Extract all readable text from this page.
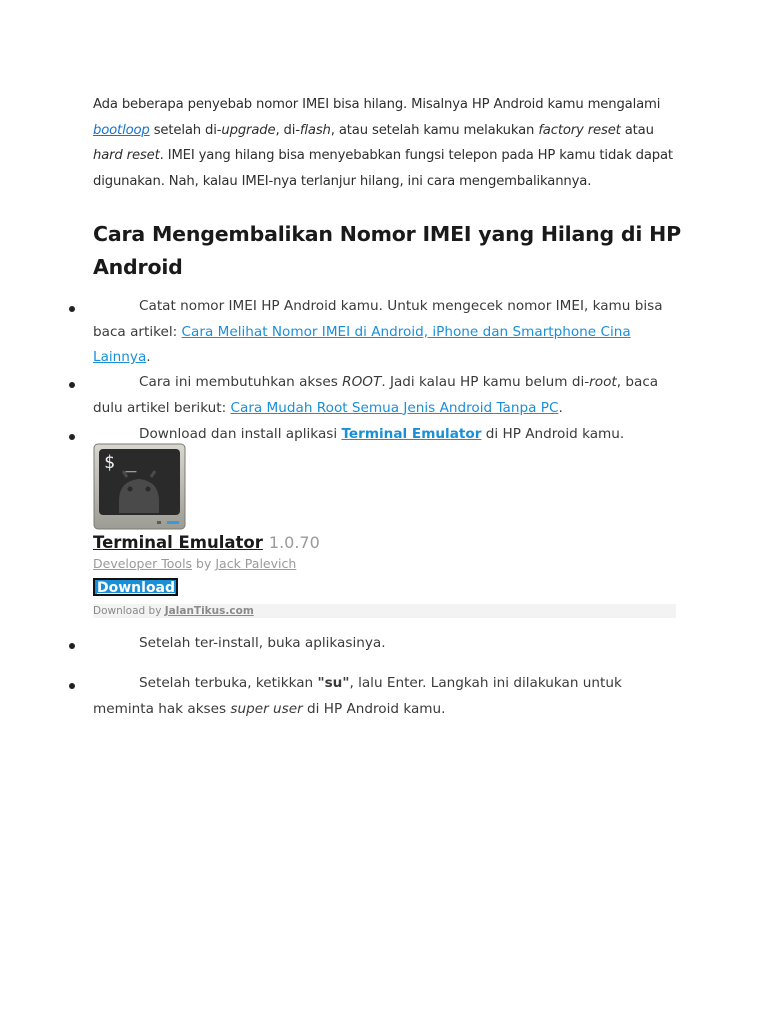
Ada beberapa penyebab nomor IMEI bisa hilang. Misalnya HP Android kamu mengalami bootloop setelah di-upgrade, di-flash, atau setelah kamu melakukan factory reset atau hard reset. IMEI yang hilang bisa menyebabkan fungsi telepon pada HP kamu tidak dapat digunakan. Nah, kalau IMEI-nya terlanjur hilang, ini cara mengembalikannya.
Cara Mengembalikan Nomor IMEI yang Hilang di HP Android
Catat nomor IMEI HP Android kamu. Untuk mengecek nomor IMEI, kamu bisa baca artikel: Cara Melihat Nomor IMEI di Android, iPhone dan Smartphone Cina Lainnya.
Cara ini membutuhkan akses ROOT. Jadi kalau HP kamu belum di-root, baca dulu artikel berikut: Cara Mudah Root Semua Jenis Android Tanpa PC.
Download dan install aplikasi Terminal Emulator di HP Android kamu.
$ _
Terminal Emulator 1.0.70
Developer Tools by Jack Palevich
Download
Download by JalanTikus.com
Setelah ter-install, buka aplikasinya.
Setelah terbuka, ketikkan "su", lalu Enter. Langkah ini dilakukan untuk meminta hak akses super user di HP Android kamu.
